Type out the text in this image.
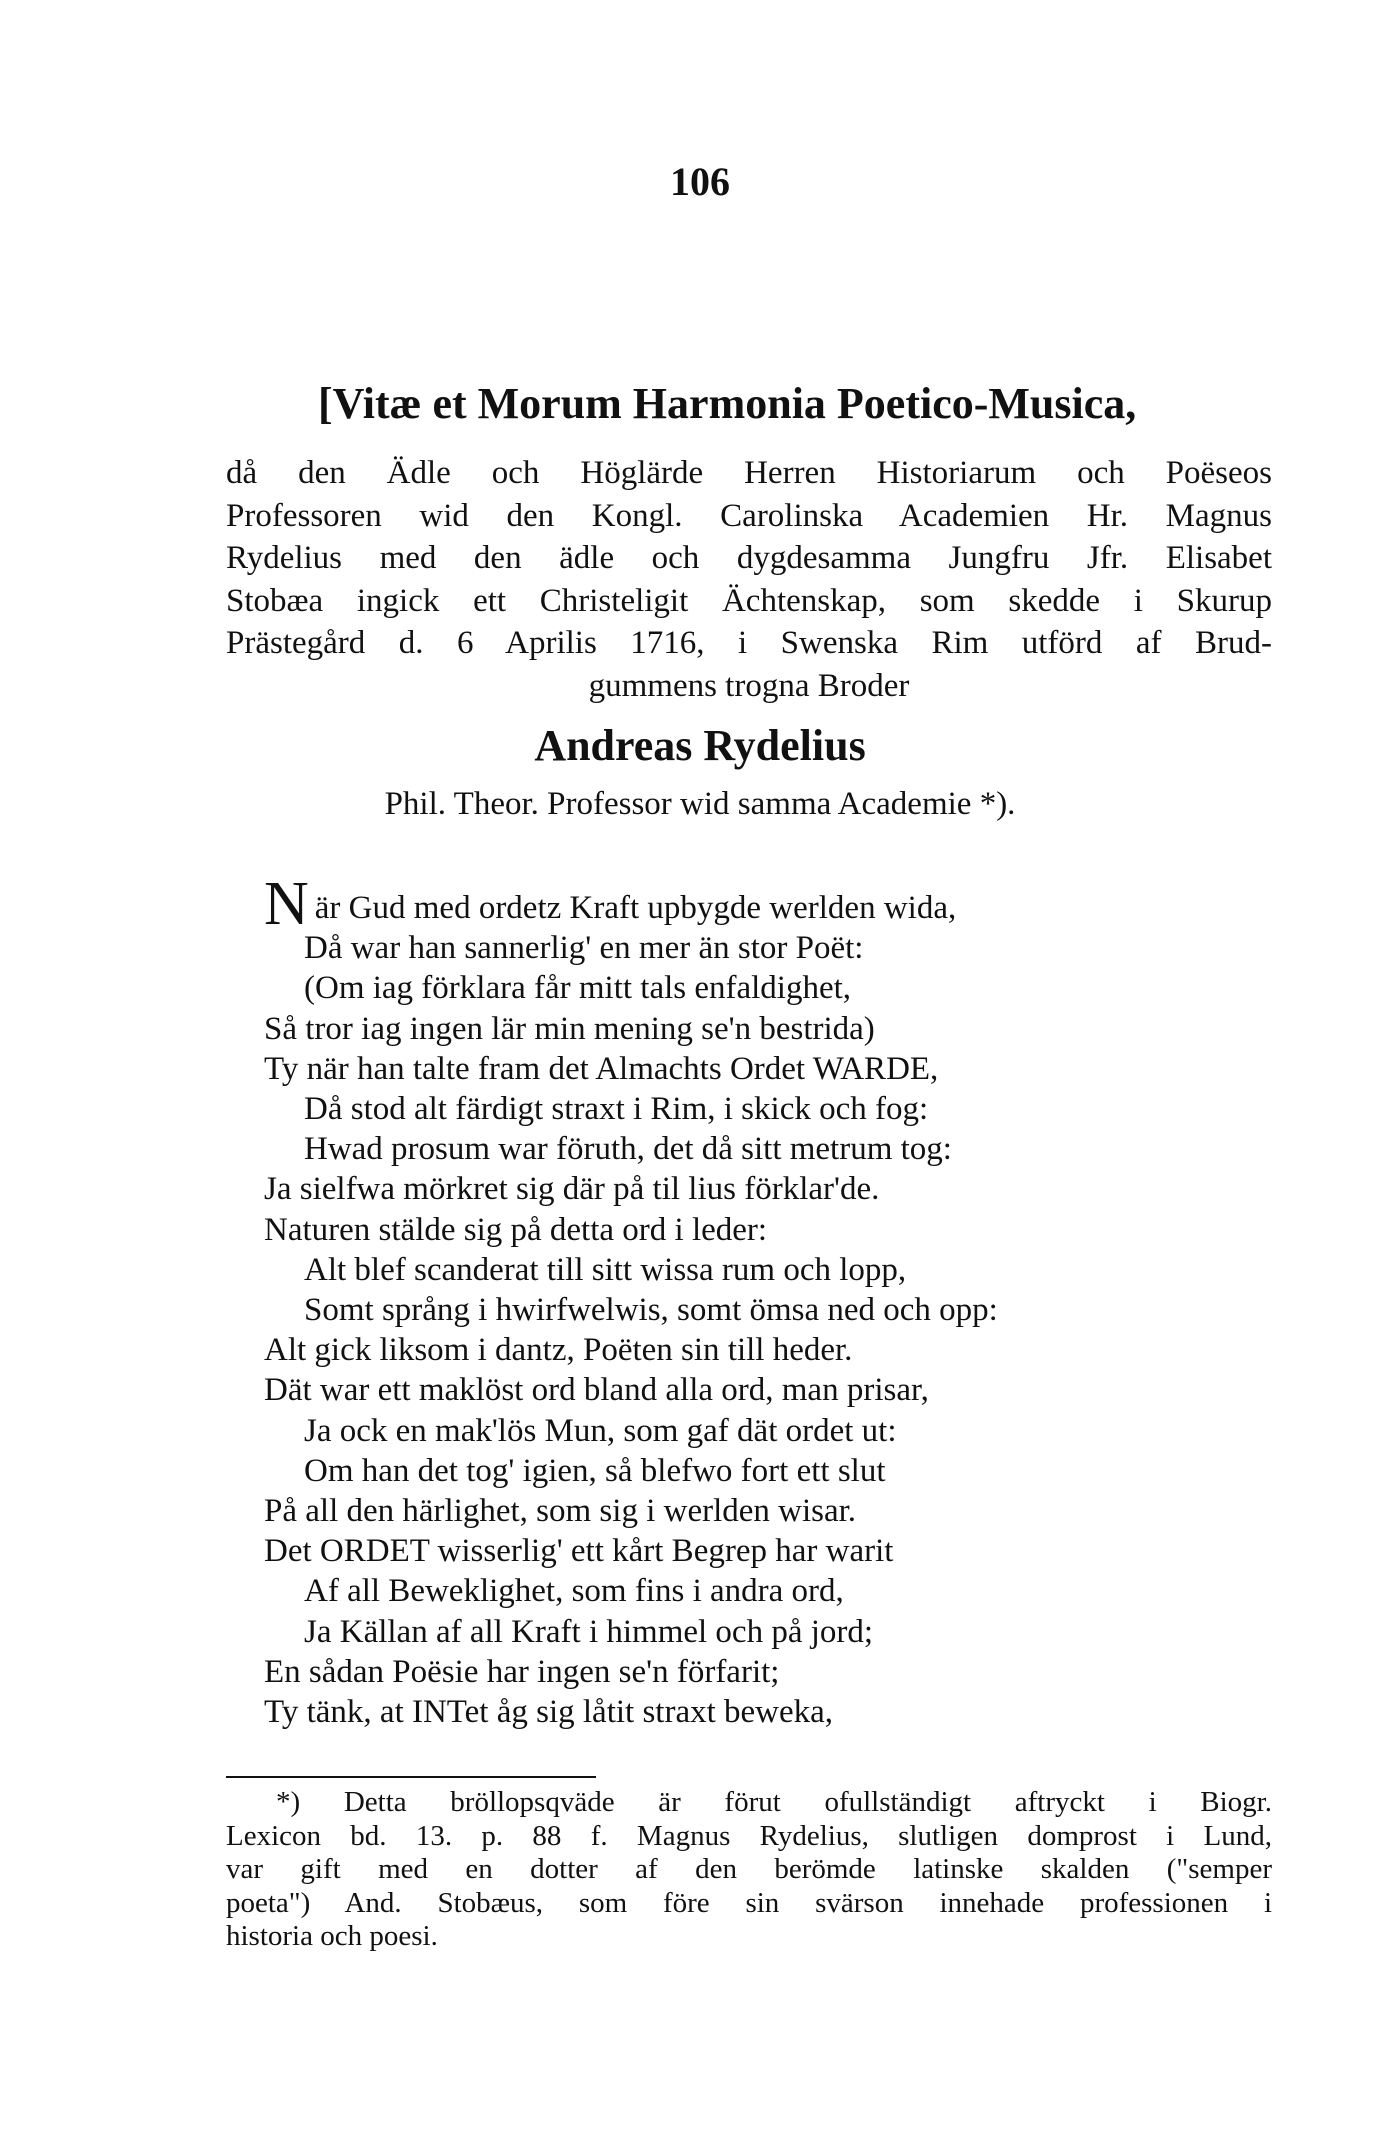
106
[Vitæ et Morum Harmonia Poetico-Musica,
då den Ädle och Höglärde Herren Historiarum och Poëseos
Professoren wid den Kongl. Carolinska Academien Hr. Magnus
Rydelius med den ädle och dygdesamma Jungfru Jfr. Elisabet
Stobæa ingick ett Christeligit Ächtenskap, som skedde i Skurup
Prästegård d. 6 Aprilis 1716, i Swenska Rim utförd af Brud-
gummens trogna Broder
Andreas Rydelius
Phil. Theor. Professor wid samma Academie *).
När Gud med ordetz Kraft upbygde werlden wida,
Då war han sannerlig' en mer än stor Poët:
(Om iag förklara får mitt tals enfaldighet,
Så tror iag ingen lär min mening se'n bestrida)
Ty när han talte fram det Almachts Ordet WARDE,
Då stod alt färdigt straxt i Rim, i skick och fog:
Hwad prosum war föruth, det då sitt metrum tog:
Ja sielfwa mörkret sig där på til lius förklar'de.
Naturen stälde sig på detta ord i leder:
Alt blef scanderat till sitt wissa rum och lopp,
Somt språng i hwirfwelwis, somt ömsa ned och opp:
Alt gick liksom i dantz, Poëten sin till heder.
Dät war ett maklöst ord bland alla ord, man prisar,
Ja ock en mak'lös Mun, som gaf dät ordet ut:
Om han det tog' igien, så blefwo fort ett slut
På all den härlighet, som sig i werlden wisar.
Det ORDET wisserlig' ett kårt Begrep har warit
Af all Beweklighet, som fins i andra ord,
Ja Källan af all Kraft i himmel och på jord;
En sådan Poësie har ingen se'n förfarit;
Ty tänk, at INTet åg sig låtit straxt beweka,
*) Detta bröllopsqväde är förut ofullständigt aftryckt i Biogr.
Lexicon bd. 13. p. 88 f. Magnus Rydelius, slutligen domprost i Lund,
var gift med en dotter af den berömde latinske skalden ("semper
poeta") And. Stobæus, som före sin svärson innehade professionen i
historia och poesi.
